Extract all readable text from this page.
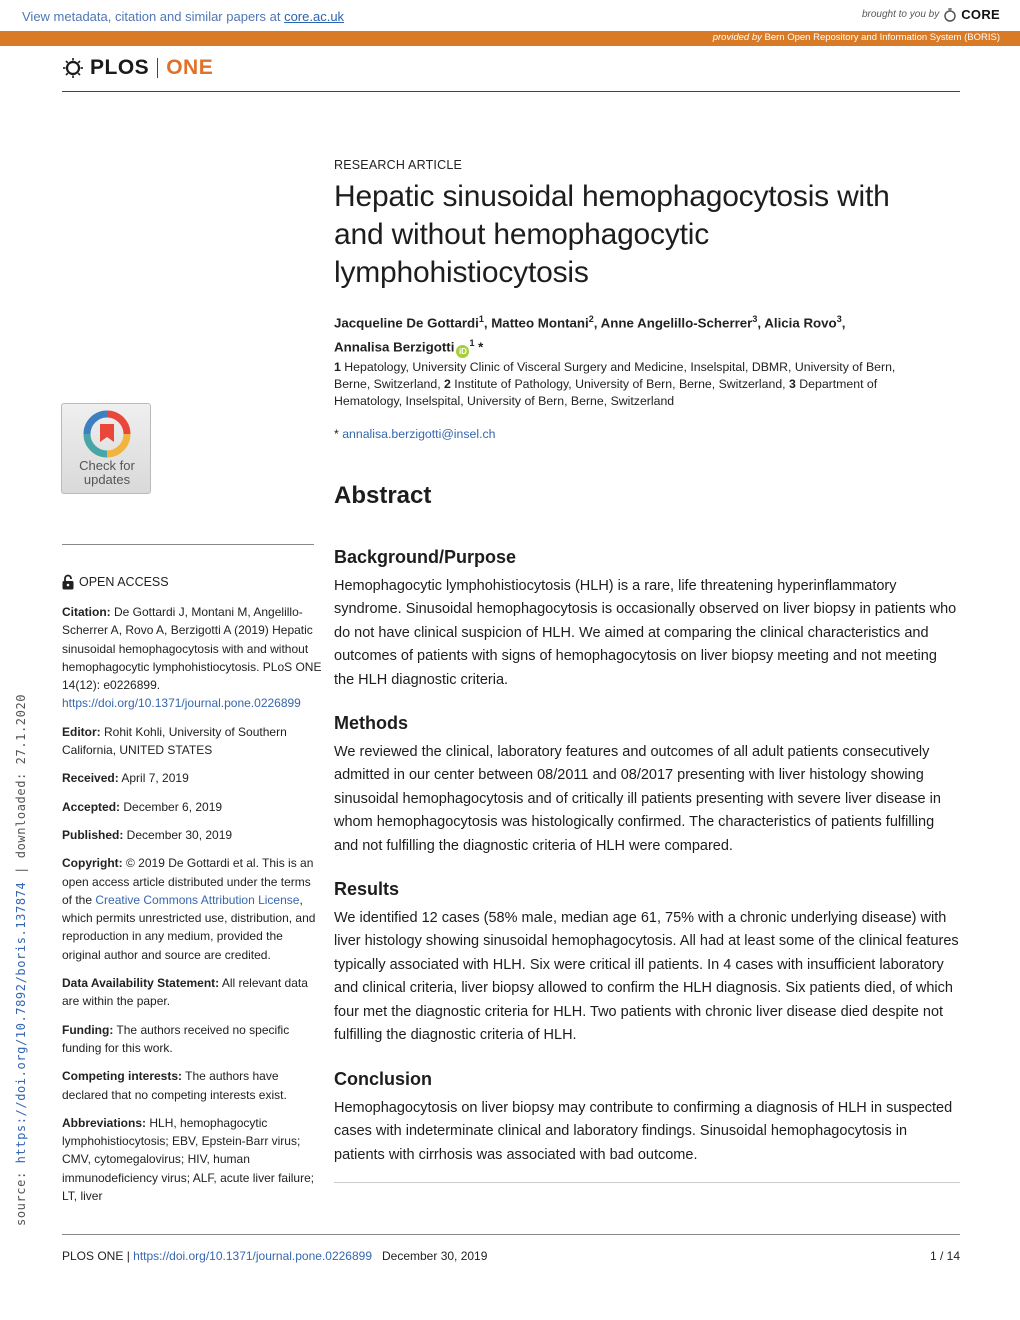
View metadata, citation and similar papers at core.ac.uk	brought to you by CORE
provided by Bern Open Repository and Information System (BORIS)
PLOS ONE
RESEARCH ARTICLE
Hepatic sinusoidal hemophagocytosis with and without hemophagocytic lymphohistiocytosis
Jacqueline De Gottardi$^1$, Matteo Montani$^2$, Anne Angelillo-Scherrer$^3$, Alicia Rovo$^3$,
Annalisa Berzigotti $iD^1$ *
1 Hepatology, University Clinic of Visceral Surgery and Medicine, Inselspital, DBMR, University of Bern, Berne, Switzerland, 2 Institute of Pathology, University of Bern, Berne, Switzerland, 3 Department of Hematology, Inselspital, University of Bern, Berne, Switzerland
* annalisa.berzigotti@insel.ch
Check for
updates
Abstract
Background/Purpose

Hemophagocytic lymphohistiocytosis (HLH) is a rare, life threatening hyperinflammatory syndrome. Sinusoidal hemophagocytosis is occasionally observed on liver biopsy in patients who do not have clinical suspicion of HLH. We aimed at comparing the clinical characteristics and outcomes of patients with signs of hemophagocytosis on liver biopsy meeting and not meeting the HLH diagnostic criteria.

Methods

We reviewed the clinical, laboratory features and outcomes of all adult patients consecutively admitted in our center between 08/2011 and 08/2017 presenting with liver histology showing sinusoidal hemophagocytosis and of critically ill patients presenting with severe liver disease in whom hemophagocytosis was histologically confirmed. The characteristics of patients fulfilling and not fulfilling the diagnostic criteria of HLH were compared.

Results

We identified 12 cases (58% male, median age 61, 75% with a chronic underlying disease) with liver histology showing sinusoidal hemophagocytosis. All had at least some of the clinical features typically associated with HLH. Six were critical ill patients. In 4 cases with insufficient laboratory and clinical criteria, liver biopsy allowed to confirm the HLH diagnosis. Six patients died, of which four met the diagnostic criteria for HLH. Two patients with chronic liver disease died despite not fulfilling the diagnostic criteria of HLH.

Conclusion

Hemophagocytosis on liver biopsy may contribute to confirming a diagnosis of HLH in suspected cases with indeterminate clinical and laboratory findings. Sinusoidal hemophagocytosis in patients with cirrhosis was associated with bad outcome.

OPEN ACCESS
Citation: De Gottardi J, Montani M, Angelillo-Scherrer A, Rovo A, Berzigotti A (2019) Hepatic sinusoidal hemophagocytosis with and without hemophagocytic lymphohistiocytosis. PLoS ONE 14(12): e0226899. https://doi.org/10.1371/journal.pone.0226899
Editor: Rohit Kohli, University of Southern California, UNITED STATES
Received: April 7, 2019
Accepted: December 6, 2019
Published: December 30, 2019
Copyright: © 2019 De Gottardi et al. This is an open access article distributed under the terms of the Creative Commons Attribution License, which permits unrestricted use, distribution, and reproduction in any medium, provided the original author and source are credited.
Data Availability Statement: All relevant data are within the paper.
Funding: The authors received no specific funding for this work.
Competing interests: The authors have declared that no competing interests exist.
Abbreviations: HLH, hemophagocytic lymphohistiocytosis; EBV, Epstein-Barr virus; CMV, cytomegalovirus; HIV, human immunodeficiency virus; ALF, acute liver failure; LT, liver
source: https://doi.org/10.7892/boris.137874 | downloaded: 27.1.2020
PLOS ONE | https://doi.org/10.1371/journal.pone.0226899 December 30, 2019	1 / 14
